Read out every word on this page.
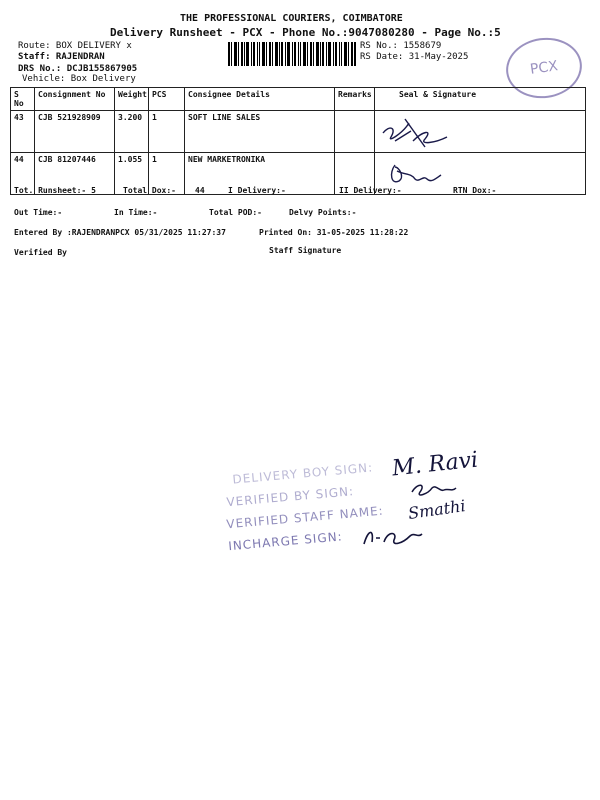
THE PROFESSIONAL COURIERS, COIMBATORE
Delivery Runsheet - PCX - Phone No.:9047080280 - Page No.:5
Route: BOX DELIVERY x
Staff: RAJENDRAN
DRS No.: DCJB155867905
Vehicle: Box Delivery
RS No.: 1558679
RS Date: 31-May-2025
PCX
S No	Consignment No	Weight	PCS	Consignee Details	Remarks	Seal & Signature
43	CJB 521928909	3.200	1	SOFT LINE SALES		

44	CJB 81207446	1.055	1	NEW MARKETRONIKA		
Tot. Runsheet:- 5	Total Dox:- 44	I Delivery:-	II Delivery:-	RTN Dox:-
Out Time:-	In Time:-	Total POD:-	Delvy Points:-
Entered By :RAJENDRANPCX 05/31/2025 11:27:37	Printed On: 31-05-2025 11:28:22
Verified By	Staff Signature
DELIVERY BOY SIGN:
VERIFIED BY SIGN:
VERIFIED STAFF NAME:
INCHARGE SIGN:
M. Ravi
Smathi
